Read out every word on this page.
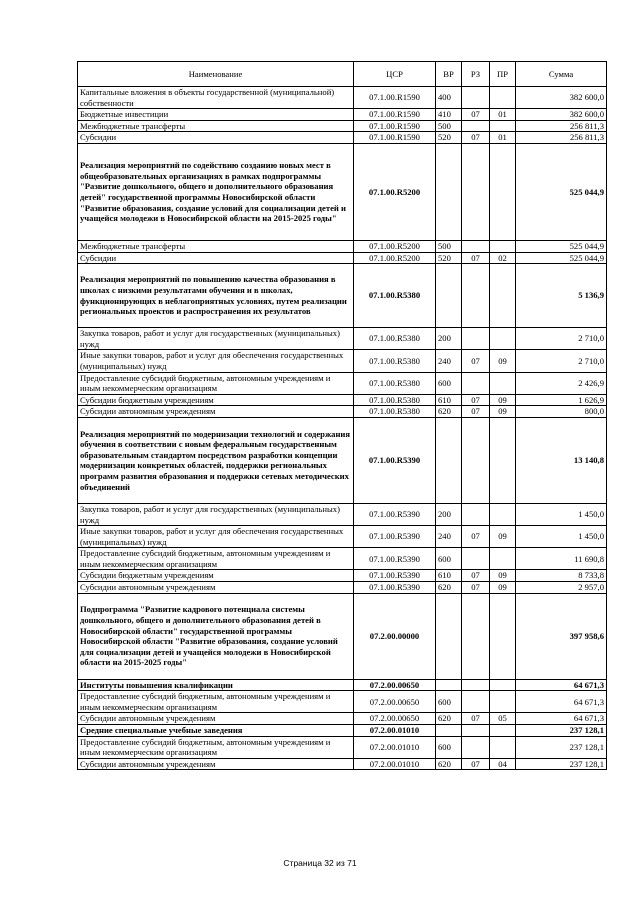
Наименование	ЦСР	ВР	РЗ	ПР	Сумма
Капитальные вложения в объекты государственной (муниципальной) собственности	07.1.00.R1590	400			382 600,0
Бюджетные инвестиции	07.1.00.R1590	410	07	01	382 600,0
Межбюджетные трансферты	07.1.00.R1590	500			256 811,3
Субсидии	07.1.00.R1590	520	07	01	256 811,3
Реализация мероприятий по содействию созданию новых мест в общеобразовательных организациях в рамках подпрограммы "Развитие дошкольного, общего и дополнительного образования детей" государственной программы Новосибирской области "Развитие образования, создание условий для социализации детей и учащейся молодежи в Новосибирской области на 2015-2025 годы"	07.1.00.R5200				525 044,9
Межбюджетные трансферты	07.1.00.R5200	500			525 044,9
Субсидии	07.1.00.R5200	520	07	02	525 044,9
Реализация мероприятий по повышению качества образования в школах с низкими результатами обучения и в школах, функционирующих в неблагоприятных условиях, путем реализации региональных проектов и распространения их результатов	07.1.00.R5380				5 136,9
Закупка товаров, работ и услуг для государственных (муниципальных) нужд	07.1.00.R5380	200			2 710,0
Иные закупки товаров, работ и услуг для обеспечения государственных (муниципальных) нужд	07.1.00.R5380	240	07	09	2 710,0
Предоставление субсидий бюджетным, автономным учреждениям и иным некоммерческим организациям	07.1.00.R5380	600			2 426,9
Субсидии бюджетным учреждениям	07.1.00.R5380	610	07	09	1 626,9
Субсидии автономным учреждениям	07.1.00.R5380	620	07	09	800,0
Реализация мероприятий по модернизации технологий и содержания обучения в соответствии с новым федеральным государственным образовательным стандартом посредством разработки концепции модернизации конкретных областей, поддержки региональных программ развития образования и поддержки сетевых методических объединений	07.1.00.R5390				13 140,8
Закупка товаров, работ и услуг для государственных (муниципальных) нужд	07.1.00.R5390	200			1 450,0
Иные закупки товаров, работ и услуг для обеспечения государственных (муниципальных) нужд	07.1.00.R5390	240	07	09	1 450,0
Предоставление субсидий бюджетным, автономным учреждениям и иным некоммерческим организациям	07.1.00.R5390	600			11 690,8
Субсидии бюджетным учреждениям	07.1.00.R5390	610	07	09	8 733,8
Субсидии автономным учреждениям	07.1.00.R5390	620	07	09	2 957,0
Подпрограмма "Развитие кадрового потенциала системы дошкольного, общего и дополнительного образования детей в Новосибирской области" государственной программы Новосибирской области "Развитие образования, создание условий для социализации детей и учащейся молодежи в Новосибирской области на 2015-2025 годы"	07.2.00.00000				397 958,6
Институты повышения квалификации	07.2.00.00650				64 671,3
Предоставление субсидий бюджетным, автономным учреждениям и иным некоммерческим организациям	07.2.00.00650	600			64 671,3
Субсидии автономным учреждениям	07.2.00.00650	620	07	05	64 671,3
Средние специальные учебные заведения	07.2.00.01010				237 128,1
Предоставление субсидий бюджетным, автономным учреждениям и иным некоммерческим организациям	07.2.00.01010	600			237 128,1
Субсидии автономным учреждениям	07.2.00.01010	620	07	04	237 128,1
Страница 32 из 71
